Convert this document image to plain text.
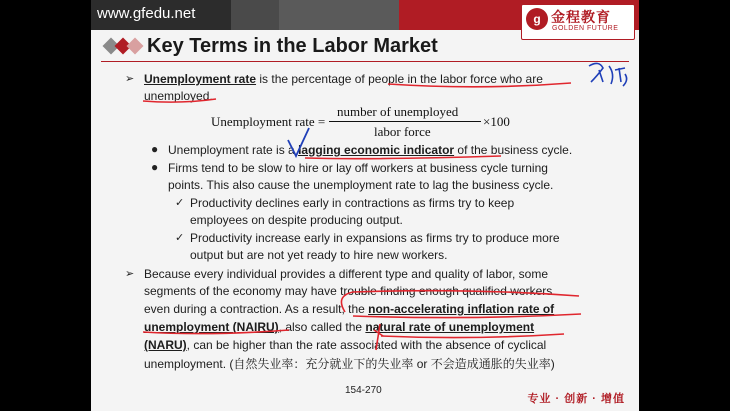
www.gfedu.net	g 金程教育
GOLDEN FUTURE
Key Terms in the Labor Market
➢ Unemployment rate is the percentage of people in the labor force who are
unemployed.
Unemployment rate =
number of unemployed
labor force
×100
● Unemployment rate is a lagging economic indicator of the business cycle.
● Firms tend to be slow to hire or lay off workers at business cycle turning
points. This also cause the unemployment rate to lag the business cycle.
✓ Productivity declines early in contractions as firms try to keep
employees on despite producing output.
✓ Productivity increase early in expansions as firms try to produce more
output but are not yet ready to hire new workers.
➢ Because every individual provides a different type and quality of labor, some
segments of the economy may have trouble finding enough qualified workers
even during a contraction. As a result, the non-accelerating inflation rate of
unemployment (NAIRU), also called the natural rate of unemployment
(NARU), can be higher than the rate associated with the absence of cyclical
unemployment. (自然失业率：充分就业下的失业率 or 不会造成通胀的失业率)
154-270
专业 · 创新 · 增值
